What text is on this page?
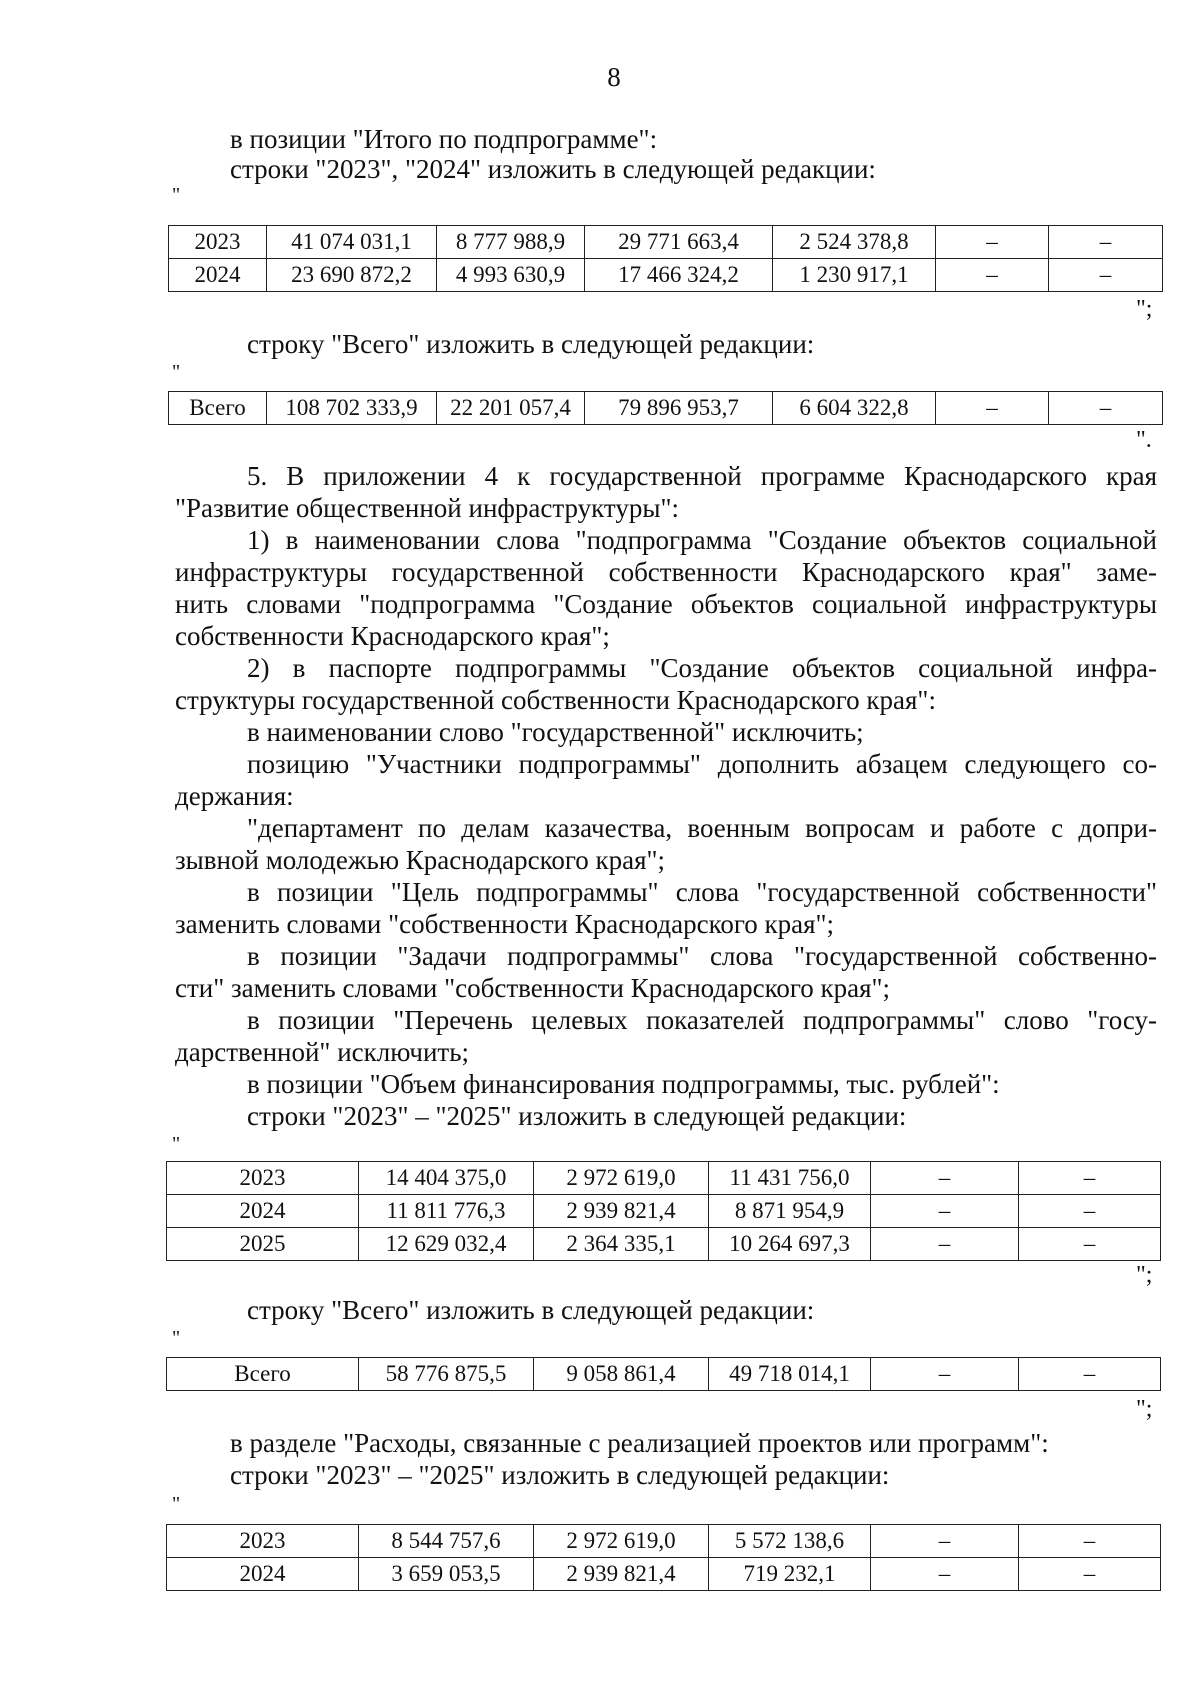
8
в позиции "Итого по подпрограмме":
строки "2023", "2024" изложить в следующей редакции:
"
2023	41 074 031,1	8 777 988,9	29 771 663,4	2 524 378,8	–	–
2024	23 690 872,2	4 993 630,9	17 466 324,2	1 230 917,1	–	–
";
строку "Всего" изложить в следующей редакции:
"
Всего	108 702 333,9	22 201 057,4	79 896 953,7	6 604 322,8	–	–
".
5. В приложении 4 к государственной программе Краснодарского края
"Развитие общественной инфраструктуры":
1) в наименовании слова "подпрограмма "Создание объектов социальной
инфраструктуры государственной собственности Краснодарского края" заме-
нить словами "подпрограмма "Создание объектов социальной инфраструктуры
собственности Краснодарского края";
2) в паспорте подпрограммы "Создание объектов социальной инфра-
структуры государственной собственности Краснодарского края":
в наименовании слово "государственной" исключить;
позицию "Участники подпрограммы" дополнить абзацем следующего со-
держания:
"департамент по делам казачества, военным вопросам и работе с допри-
зывной молодежью Краснодарского края";
в позиции "Цель подпрограммы" слова "государственной собственности"
заменить словами "собственности Краснодарского края";
в позиции "Задачи подпрограммы" слова "государственной собственно-
сти" заменить словами "собственности Краснодарского края";
в позиции "Перечень целевых показателей подпрограммы" слово "госу-
дарственной" исключить;
в позиции "Объем финансирования подпрограммы, тыс. рублей":
строки "2023" – "2025" изложить в следующей редакции:
"
2023	14 404 375,0	2 972 619,0	11 431 756,0	–	–
2024	11 811 776,3	2 939 821,4	8 871 954,9	–	–
2025	12 629 032,4	2 364 335,1	10 264 697,3	–	–
";
строку "Всего" изложить в следующей редакции:
"
Всего	58 776 875,5	9 058 861,4	49 718 014,1	–	–
";
в разделе "Расходы, связанные с реализацией проектов или программ":
строки "2023" – "2025" изложить в следующей редакции:
"
2023	8 544 757,6	2 972 619,0	5 572 138,6	–	–
2024	3 659 053,5	2 939 821,4	719 232,1	–	–
